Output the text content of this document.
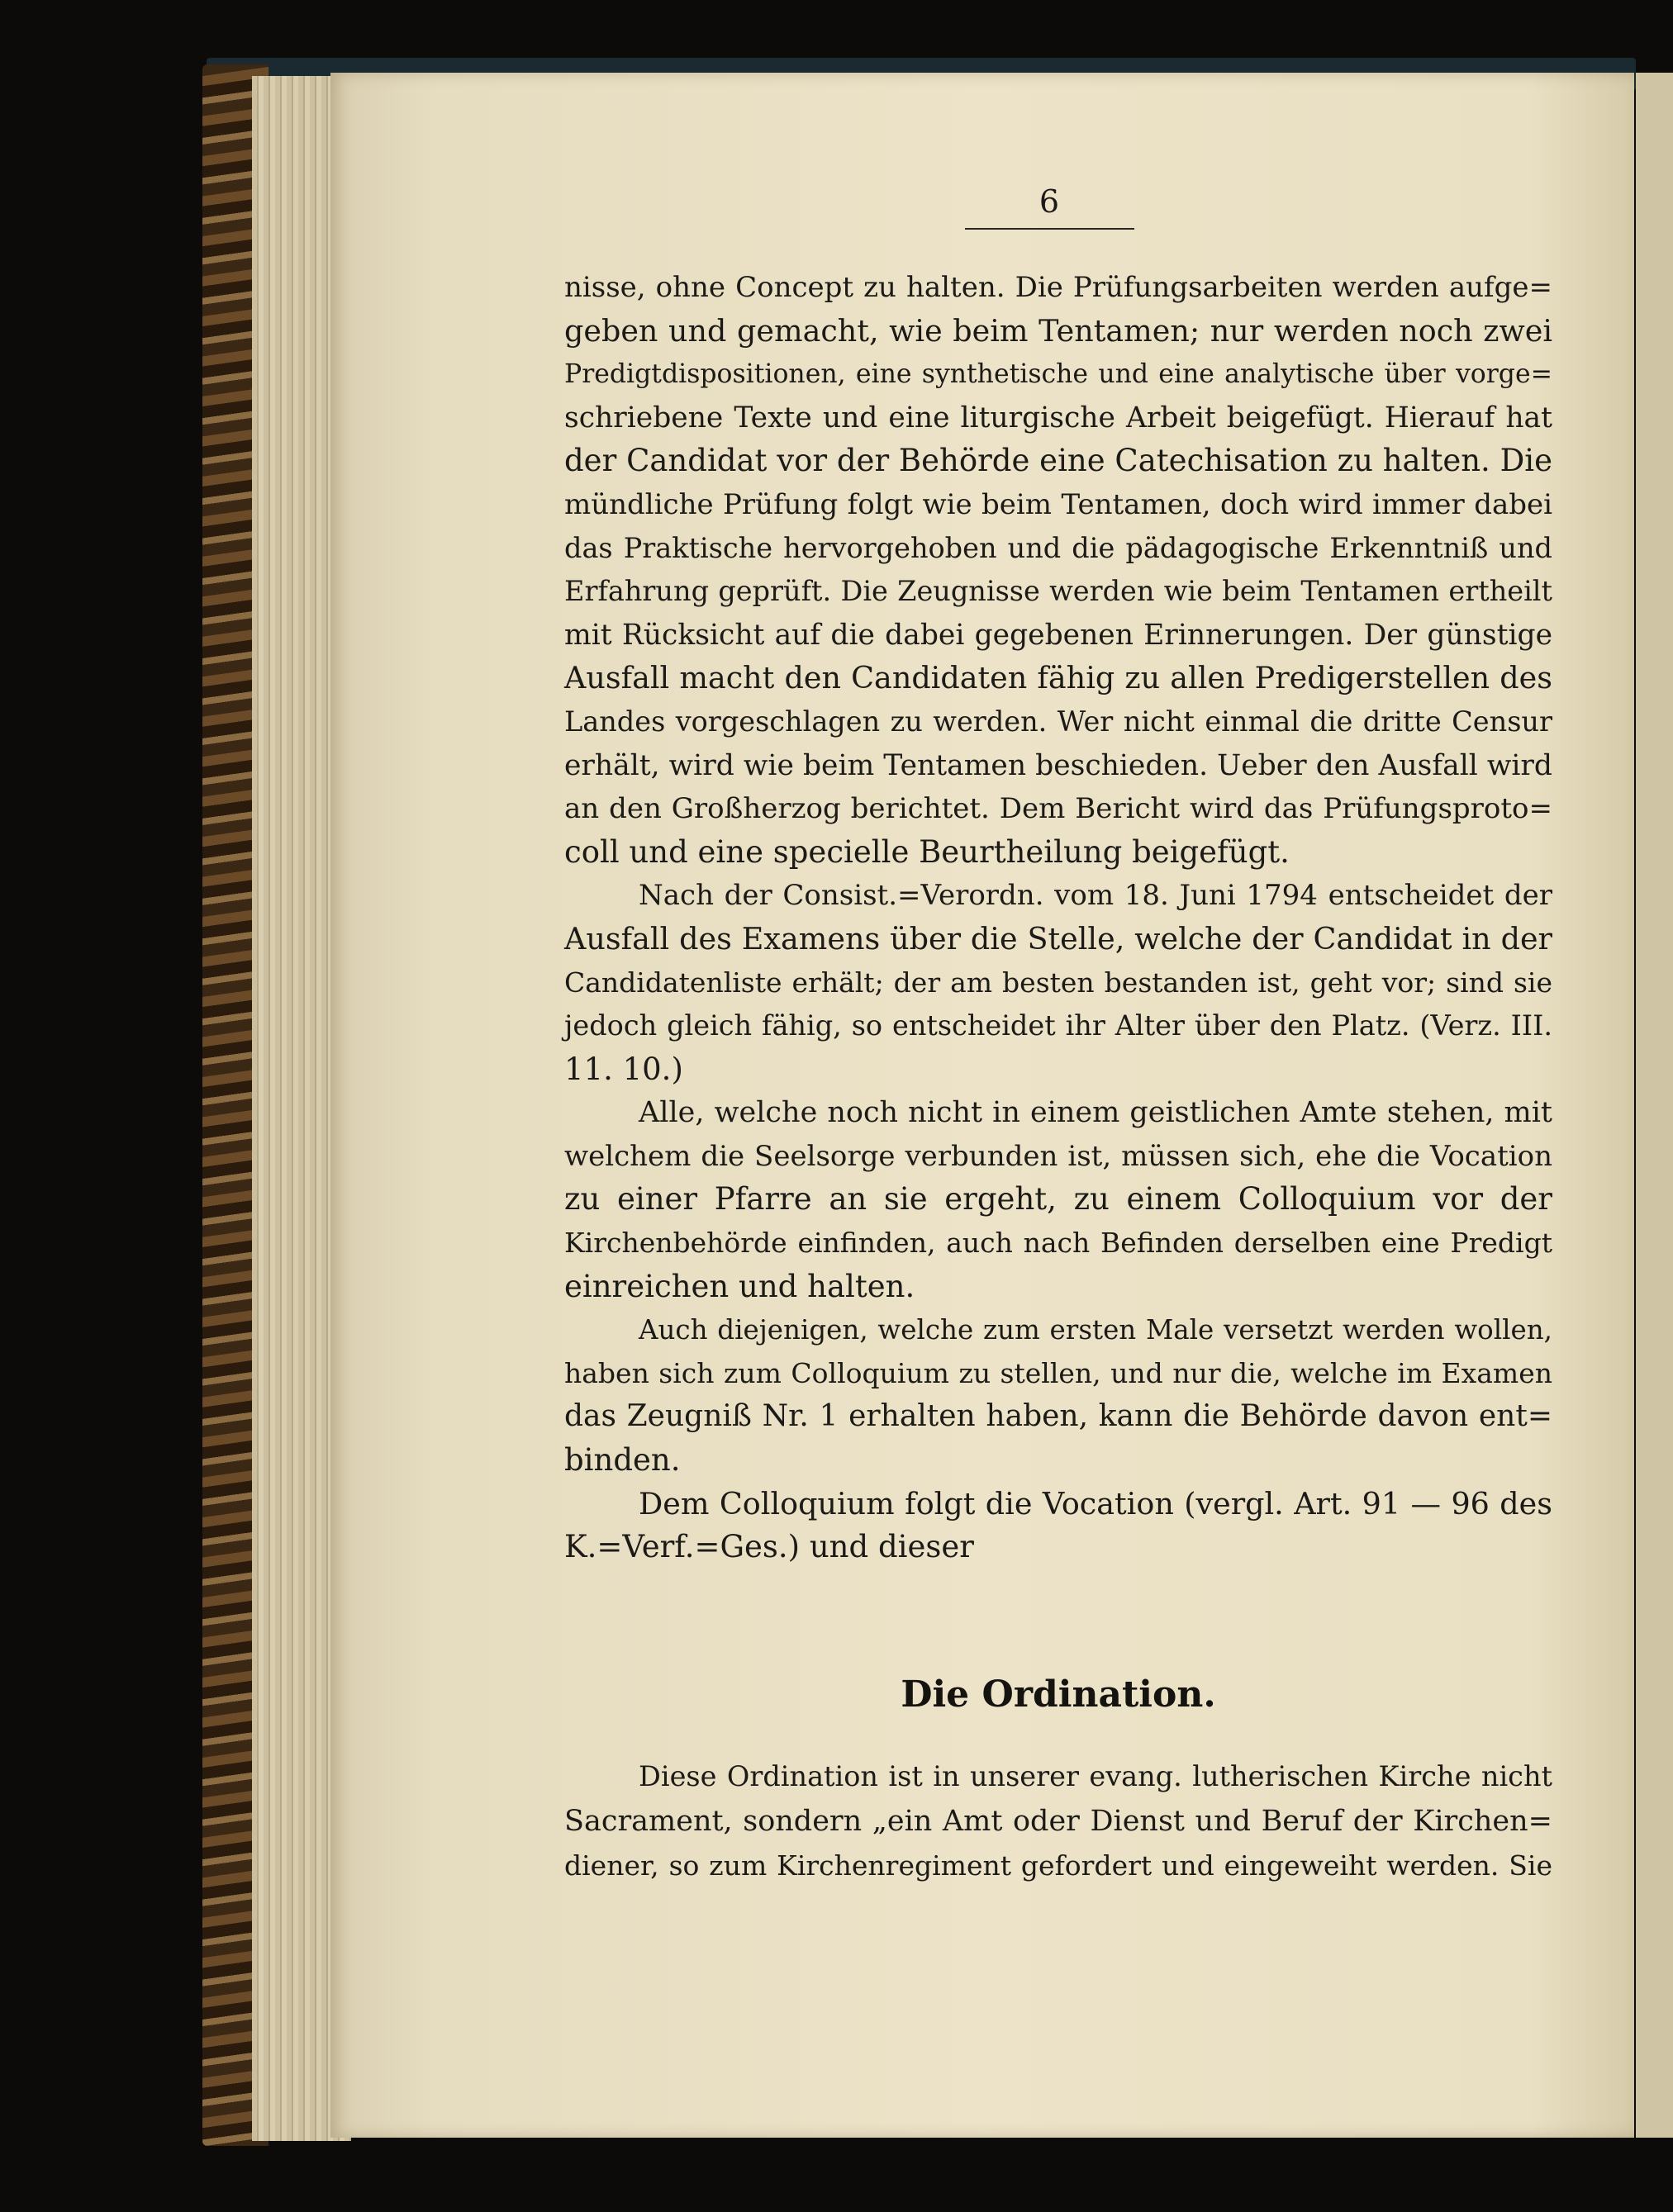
6
nisse, ohne Concept zu halten. Die Prüfungsarbeiten werden aufge=
geben und gemacht, wie beim Tentamen; nur werden noch zwei
Predigtdispositionen, eine synthetische und eine analytische über vorge=
schriebene Texte und eine liturgische Arbeit beigefügt. Hierauf hat
der Candidat vor der Behörde eine Catechisation zu halten. Die
mündliche Prüfung folgt wie beim Tentamen, doch wird immer dabei
das Praktische hervorgehoben und die pädagogische Erkenntniß und
Erfahrung geprüft. Die Zeugnisse werden wie beim Tentamen ertheilt
mit Rücksicht auf die dabei gegebenen Erinnerungen. Der günstige
Ausfall macht den Candidaten fähig zu allen Predigerstellen des
Landes vorgeschlagen zu werden. Wer nicht einmal die dritte Censur
erhält, wird wie beim Tentamen beschieden. Ueber den Ausfall wird
an den Großherzog berichtet. Dem Bericht wird das Prüfungsproto=
coll und eine specielle Beurtheilung beigefügt.
Nach der Consist.=Verordn. vom 18. Juni 1794 entscheidet der
Ausfall des Examens über die Stelle, welche der Candidat in der
Candidatenliste erhält; der am besten bestanden ist, geht vor; sind sie
jedoch gleich fähig, so entscheidet ihr Alter über den Platz. (Verz. III.
11. 10.)
Alle, welche noch nicht in einem geistlichen Amte stehen, mit
welchem die Seelsorge verbunden ist, müssen sich, ehe die Vocation
zu einer Pfarre an sie ergeht, zu einem Colloquium vor der
Kirchenbehörde einfinden, auch nach Befinden derselben eine Predigt
einreichen und halten.
Auch diejenigen, welche zum ersten Male versetzt werden wollen,
haben sich zum Colloquium zu stellen, und nur die, welche im Examen
das Zeugniß Nr. 1 erhalten haben, kann die Behörde davon ent=
binden.
Dem Colloquium folgt die Vocation (vergl. Art. 91 — 96 des
K.=Verf.=Ges.) und dieser
Die Ordination.
Diese Ordination ist in unserer evang. lutherischen Kirche nicht
Sacrament, sondern „ein Amt oder Dienst und Beruf der Kirchen=
diener, so zum Kirchenregiment gefordert und eingeweiht werden. Sie
